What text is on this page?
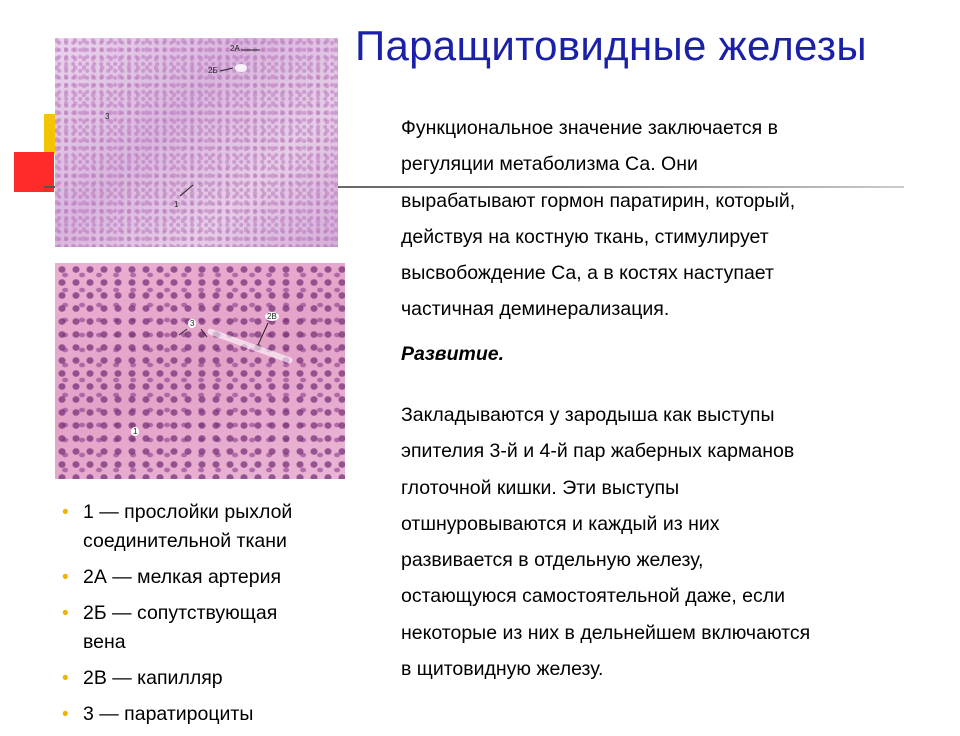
Паращитовидные железы
2А
2Б
3
1
3
2В
1
Функциональное значение заключается в
регуляции метаболизма Са. Они
вырабатывают гормон паратирин, который,
действуя на костную ткань, стимулирует
высвобождение Са, а в костях наступает
частичная деминерализация.
Развитие.
Закладываются у зародыша как выступы
эпителия 3-й и 4-й пар жаберных карманов
глоточной кишки. Эти выступы
отшнуровываются и каждый из них
развивается в отдельную железу,
остающуюся самостоятельной даже, если
некоторые из них в дельнейшем включаются
в щитовидную железу.
• 1 — прослойки рыхлой
соединительной ткани
• 2А — мелкая артерия
• 2Б — сопутствующая
вена
• 2В — капилляр
• 3 — паратироциты
